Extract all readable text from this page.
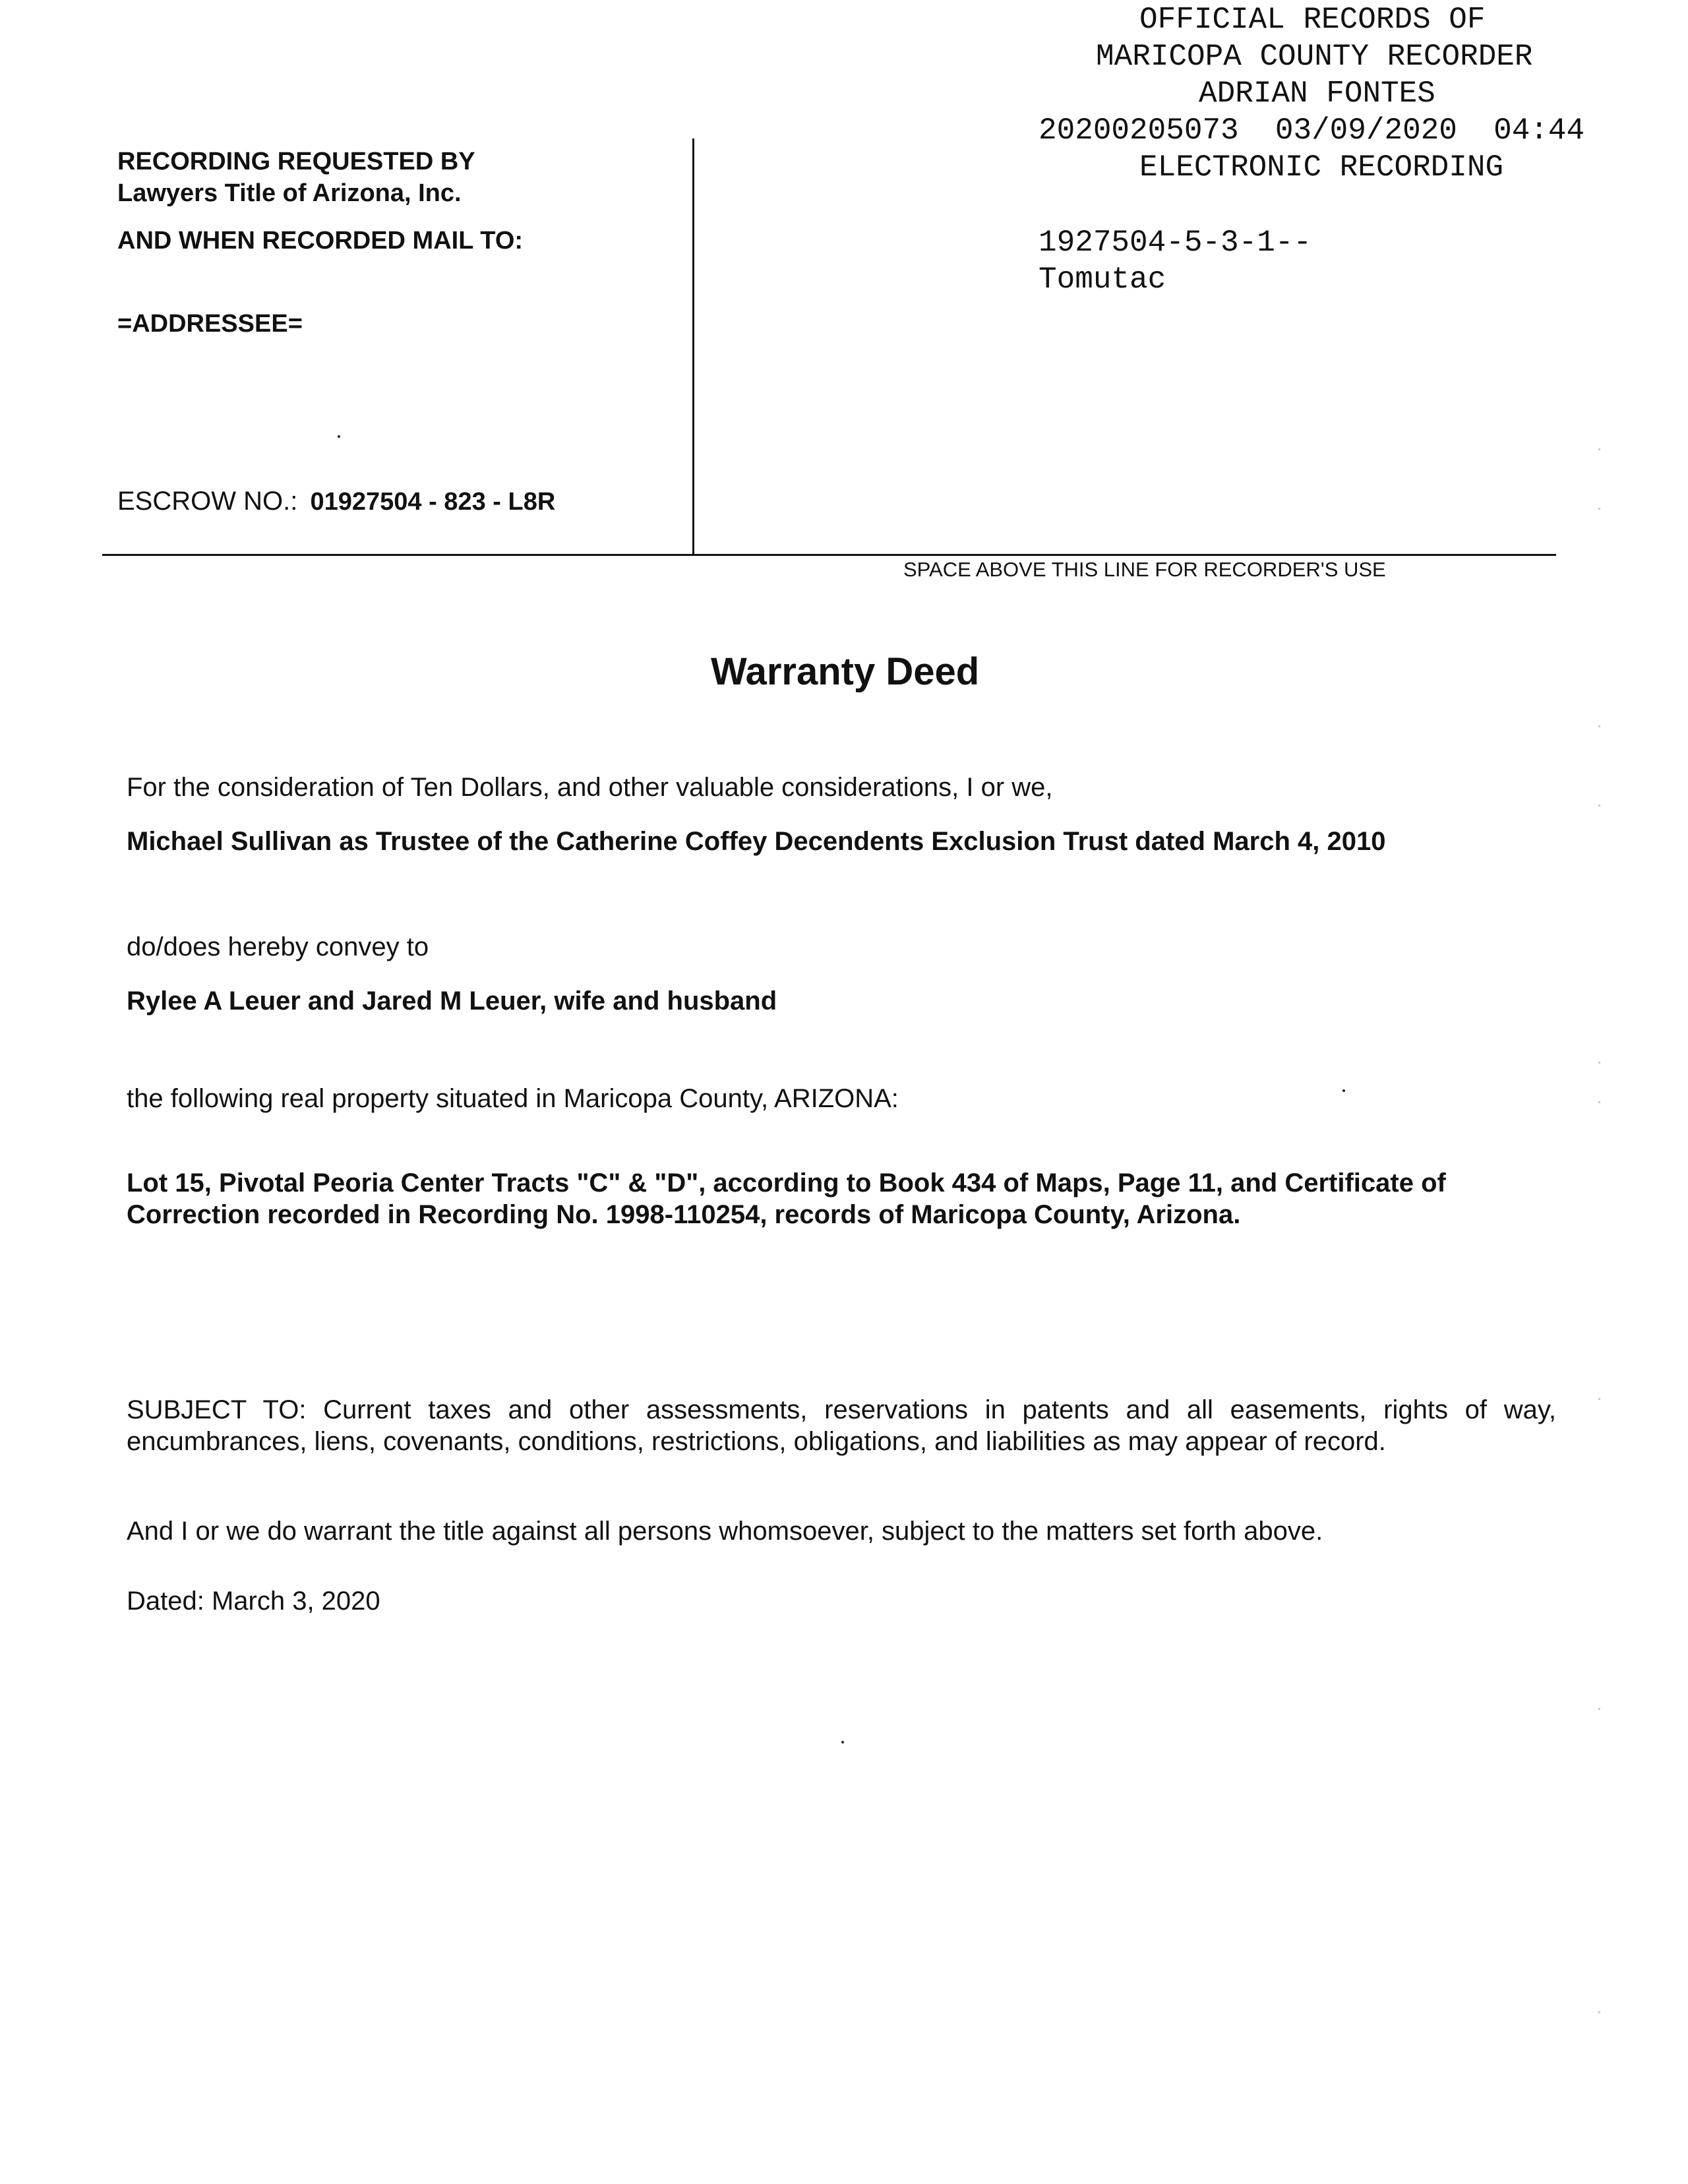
OFFICIAL RECORDS OF
MARICOPA COUNTY RECORDER
ADRIAN FONTES
20200205073  03/09/2020  04:44
ELECTRONIC RECORDING
1927504-5-3-1--
Tomutac
RECORDING REQUESTED BY
Lawyers Title of Arizona, Inc.
AND WHEN RECORDED MAIL TO:
=ADDRESSEE=
ESCROW NO.: 01927504 - 823 - L8R
SPACE ABOVE THIS LINE FOR RECORDER'S USE
Warranty Deed
For the consideration of Ten Dollars, and other valuable considerations, I or we,
Michael Sullivan as Trustee of the Catherine Coffey Decendents Exclusion Trust dated March 4, 2010
do/does hereby convey to
Rylee A Leuer and Jared M Leuer, wife and husband
the following real property situated in Maricopa County, ARIZONA:
Lot 15, Pivotal Peoria Center Tracts "C" & "D", according to Book 434 of Maps, Page 11, and Certificate of
Correction recorded in Recording No. 1998-110254, records of Maricopa County, Arizona.
SUBJECT TO: Current taxes and other assessments, reservations in patents and all easements, rights of way,
encumbrances, liens, covenants, conditions, restrictions, obligations, and liabilities as may appear of record.
And I or we do warrant the title against all persons whomsoever, subject to the matters set forth above.
Dated: March 3, 2020
